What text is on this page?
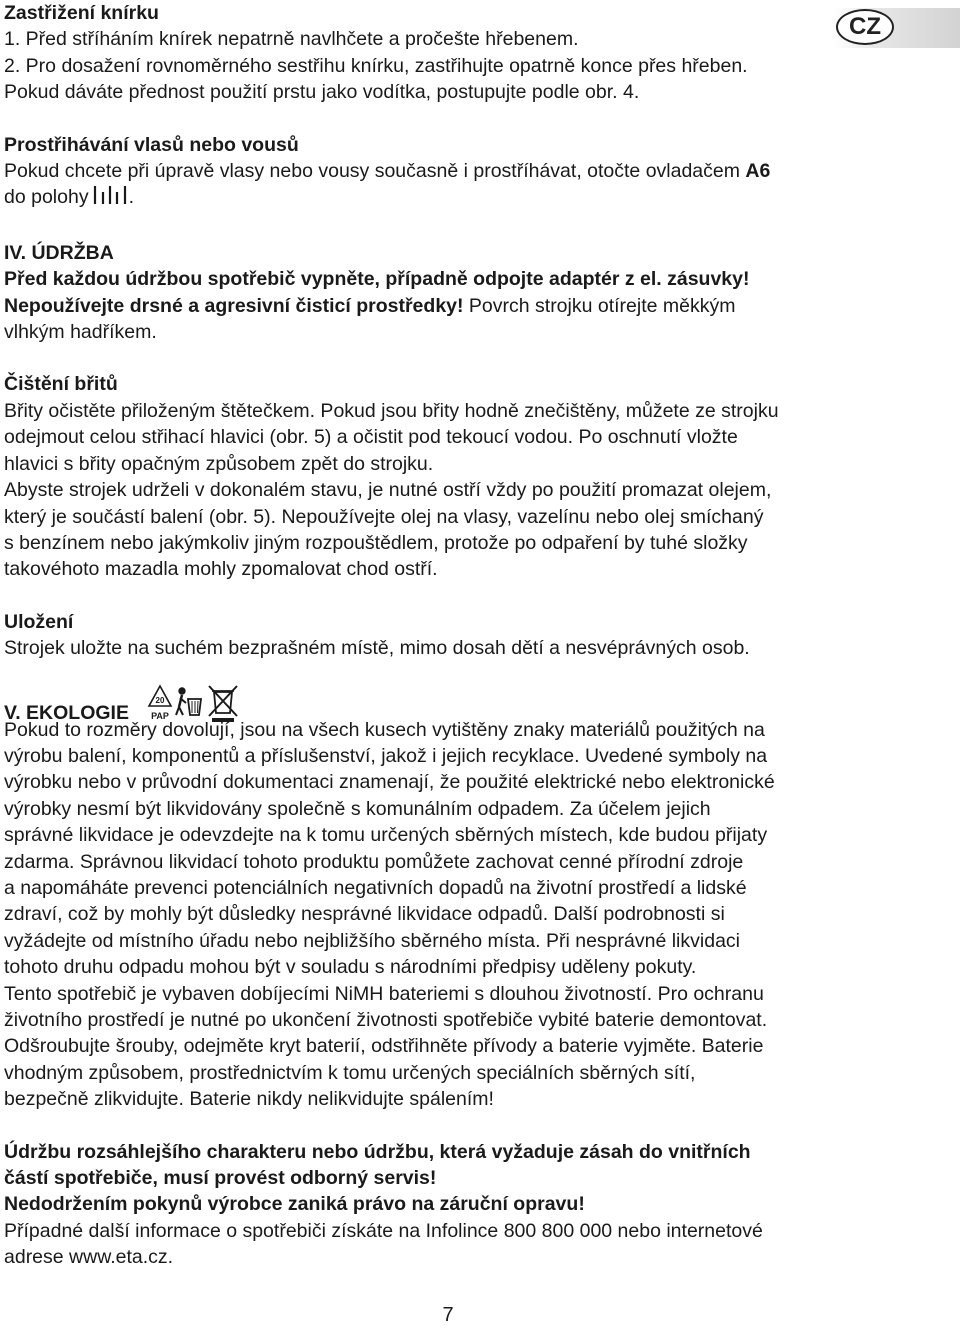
CZ

Zastřižení knírku

1. Před stříháním knírek nepatrně navlhčete a pročešte hřebenem.

2. Pro dosažení rovnoměrného sestřihu knírku, zastřihujte opatrně konce přes hřeben.

Pokud dáváte přednost použití prstu jako vodítka, postupujte podle obr. 4.

Prostřihávání vlasů nebo vousů

Pokud chcete při úpravě vlasy nebo vousy současně i prostříhávat, otočte ovladačem A6

do polohy .

IV. ÚDRŽBA

Před každou údržbou spotřebič vypněte, případně odpojte adaptér z el. zásuvky!

Nepoužívejte drsné a agresivní čisticí prostředky! Povrch strojku otírejte měkkým

vlhkým hadříkem.

Čištění břitů

Břity očistěte přiloženým štětečkem. Pokud jsou břity hodně znečištěny, můžete ze strojku

odejmout celou střihací hlavici (obr. 5) a očistit pod tekoucí vodou. Po oschnutí vložte

hlavici s břity opačným způsobem zpět do strojku.

Abyste strojek udrželi v dokonalém stavu, je nutné ostří vždy po použití promazat olejem,

který je součástí balení (obr. 5). Nepoužívejte olej na vlasy, vazelínu nebo olej smíchaný

s benzínem nebo jakýmkoliv jiným rozpouštědlem, protože po odpaření by tuhé složky

takovéhoto mazadla mohly zpomalovat chod ostří.

Uložení

Strojek uložte na suchém bezprašném místě, mimo dosah dětí a nesvéprávných osob.

V. EKOLOGIE
20
PAP

Pokud to rozměry dovolují, jsou na všech kusech vytištěny znaky materiálů použitých na

výrobu balení, komponentů a příslušenství, jakož i jejich recyklace. Uvedené symboly na

výrobku nebo v průvodní dokumentaci znamenají, že použité elektrické nebo elektronické

výrobky nesmí být likvidovány společně s komunálním odpadem. Za účelem jejich

správné likvidace je odevzdejte na k tomu určených sběrných místech, kde budou přijaty

zdarma. Správnou likvidací tohoto produktu pomůžete zachovat cenné přírodní zdroje

a napomáháte prevenci potenciálních negativních dopadů na životní prostředí a lidské

zdraví, což by mohly být důsledky nesprávné likvidace odpadů. Další podrobnosti si

vyžádejte od místního úřadu nebo nejbližšího sběrného místa. Při nesprávné likvidaci

tohoto druhu odpadu mohou být v souladu s národními předpisy uděleny pokuty.

Tento spotřebič je vybaven dobíjecími NiMH bateriemi s dlouhou životností. Pro ochranu

životního prostředí je nutné po ukončení životnosti spotřebiče vybité baterie demontovat.

Odšroubujte šrouby, odejměte kryt baterií, odstřihněte přívody a baterie vyjměte. Baterie

vhodným způsobem, prostřednictvím k tomu určených speciálních sběrných sítí,

bezpečně zlikvidujte. Baterie nikdy nelikvidujte spálením!

Údržbu rozsáhlejšího charakteru nebo údržbu, která vyžaduje zásah do vnitřních

částí spotřebiče, musí provést odborný servis!

Nedodržením pokynů výrobce zaniká právo na záruční opravu!

Případné další informace o spotřebiči získáte na Infolince 800 800 000 nebo internetové

adrese www.eta.cz.

7
